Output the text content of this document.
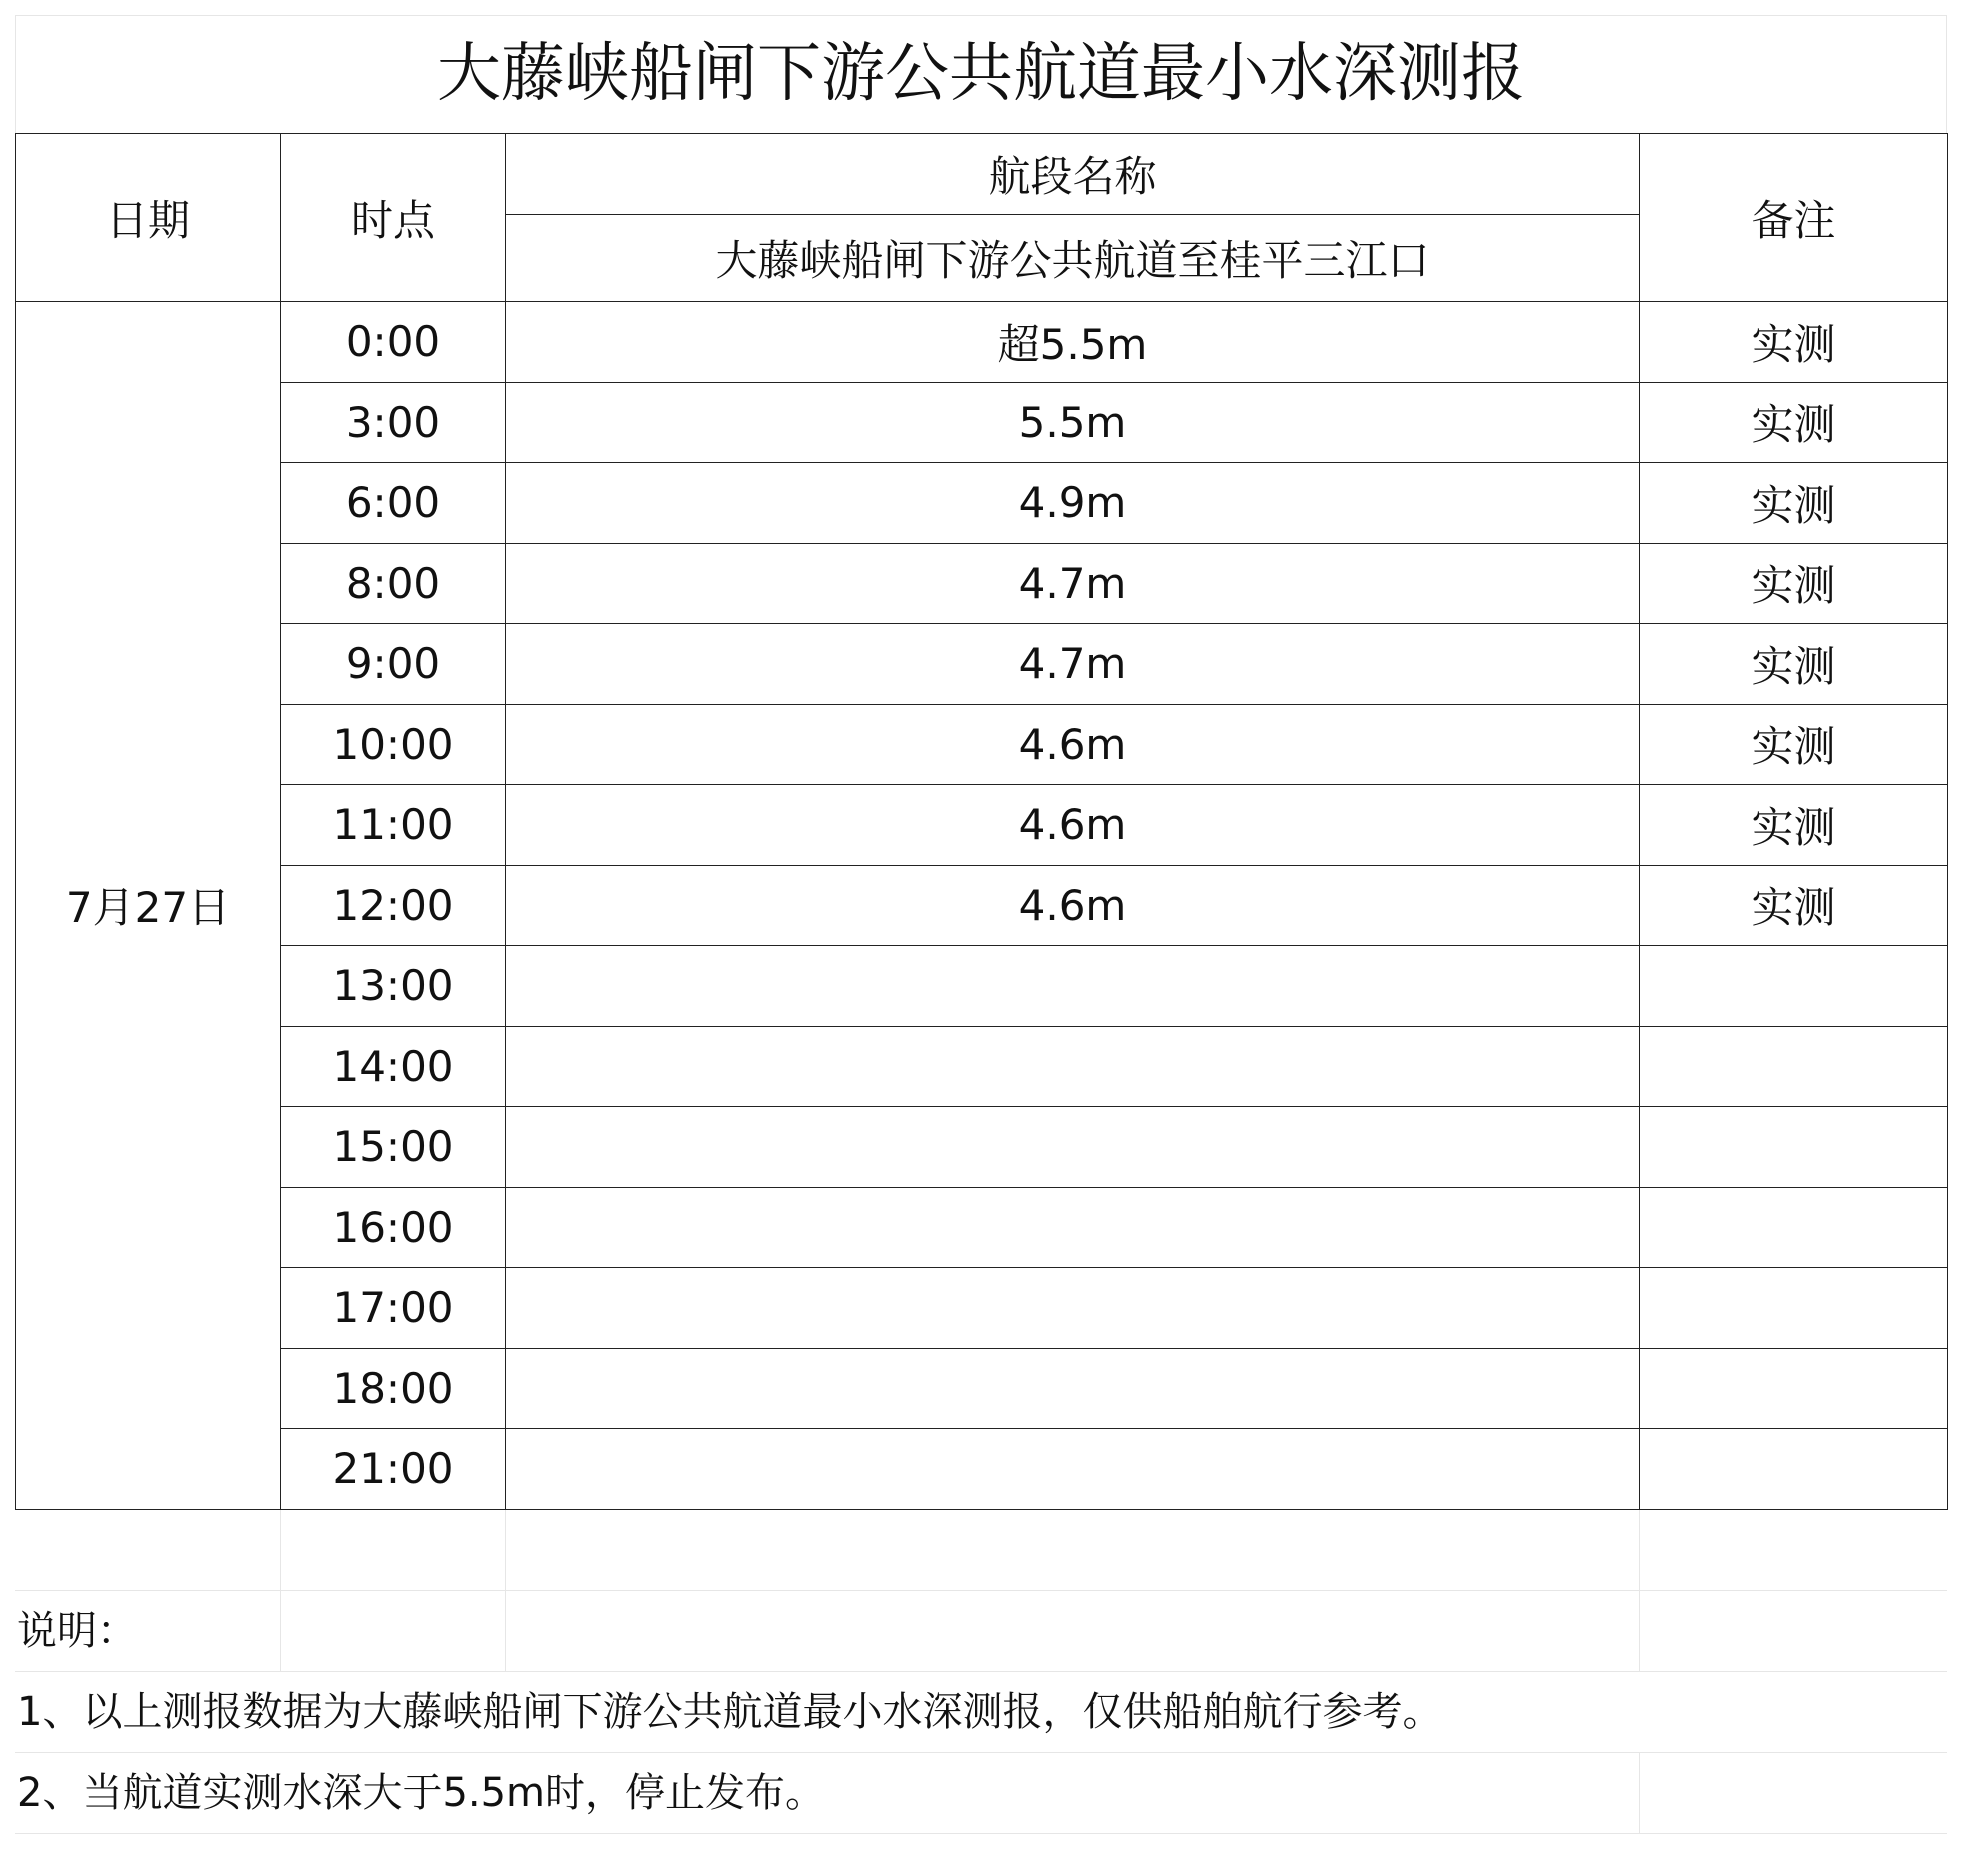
大藤峡船闸下游公共航道最小水深测报
日期	时点	航段名称	备注
		大藤峡船闸下游公共航道至桂平三江口	
7月27日	0:00	超5.5m	实测
	3:00	5.5m	实测
	6:00	4.9m	实测
	8:00	4.7m	实测
	9:00	4.7m	实测
	10:00	4.6m	实测
	11:00	4.6m	实测
	12:00	4.6m	实测
	13:00		
	14:00		
	15:00		
	16:00		
	17:00		
	18:00		
	21:00		
说明：
1、以上测报数据为大藤峡船闸下游公共航道最小水深测报，仅供船舶航行参考。
2、当航道实测水深大于5.5m时，停止发布。
